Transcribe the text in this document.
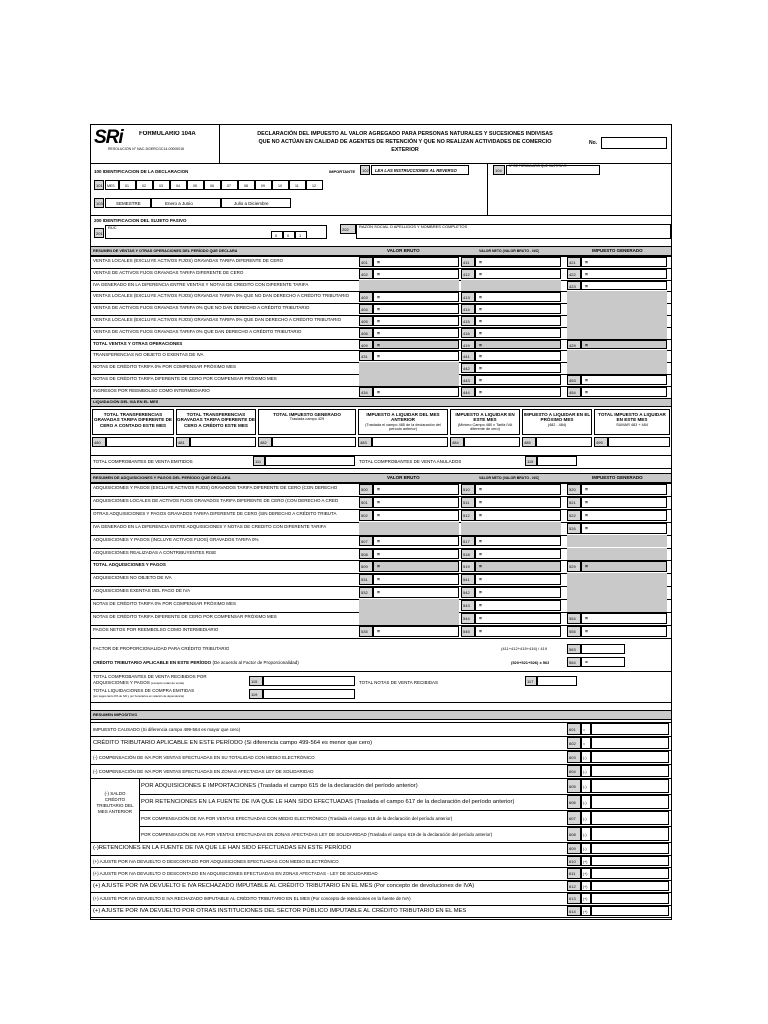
SRi	FORMULARIO 104A
RESOLUCIÓN N° NAC-DGERCGC14-00000016
DECLARACIÓN DEL IMPUESTO AL VALOR AGREGADO PARA PERSONAS NATURALES Y SUCESIONES INDIVISAS
QUE NO ACTÚAN EN CALIDAD DE AGENTES DE RETENCIÓN Y QUE NO REALIZAN ACTIVIDADES DE COMERCIO
EXTERIOR
No.
100 IDENTIFICACION DE LA DECLARACION	IMPORTANTE	102	LEA LAS INSTRUCCIONES AL REVERSO	104
N° DE FORMULARIO QUE SUSTITUYE
101	MES	01	02	03	04	05	06	07	08	09	10	11	12
103	SEMESTRE	Enero a Junio	Julio a Diciembre
200 IDENTIFICACION DEL SUJETO PASIVO
201
RUC
0	0	1
202
RAZÓN SOCIAL O APELLIDOS Y NOMBRES COMPLETOS
RESUMEN DE VENTAS Y OTRAS OPERACIONES DEL PERÍODO QUE DECLARA	VALOR BRUTO	VALOR NETO (VALOR BRUTO - N/C)	IMPUESTO GENERADO
VENTAS LOCALES (EXCLUYE ACTIVOS FIJOS) GRAVADAS TARIFA DIFERENTE DE CERO	401	=	411	=	421	=
VENTAS DE ACTIVOS FIJOS GRAVADAS TARIFA DIFERENTE DE CERO	402	=	412	=	422	=
IVA GENERADO EN LA DIFERENCIA ENTRE VENTAS Y NOTAS DE CREDITO CON DIFERENTE TARIFA	423	=
VENTAS LOCALES (EXCLUYE ACTIVOS FIJOS) GRAVADAS TARIFA 0% QUE NO DAN DERECHO A CRÉDITO TRIBUTARIO	403	=	413	=
VENTAS DE ACTIVOS FIJOS GRAVADAS TARIFA 0% QUE NO DAN DERECHO A CRÉDITO TRIBUTARIO	404	=	414	=
VENTAS LOCALES (EXCLUYE ACTIVOS FIJOS) GRAVADAS TARIFA 0% QUE DAN DERECHO A CRÉDITO TRIBUTARIO	405	=	415	=
VENTAS DE ACTIVOS FIJOS GRAVADAS TARIFA 0% QUE DAN DERECHO A CRÉDITO TRIBUTARIO	406	=	416	=
TOTAL VENTAS Y OTRAS OPERACIONES	409	=	419	=	429	=
TRANSFERENCIAS NO OBJETO O EXENTAS DE IVA	431	=	441	=
NOTAS DE CRÉDITO TARIFA 0% POR COMPENSAR PRÓXIMO MES	442	=
NOTAS DE CRÉDITO TARIFA DIFERENTE DE CERO POR COMPENSAR PRÓXIMO MES	443	=	453	=
INGRESOS POR REEMBOLSO COMO INTERMEDIARIO	434	=	444	=	454	=
LIQUIDACIÓN DEL IVA EN EL MES
TOTAL TRANSFERENCIAS GRAVADAS TARIFA DIFERENTE DE CERO A CONTADO ESTE MES
480
TOTAL TRANSFERENCIAS GRAVADAS TARIFA DIFERENTE DE CERO A CRÉDITO ESTE MES
481
TOTAL IMPUESTO GENERADO
Traslada campo 429
482
IMPUESTO A LIQUIDAR DEL MES ANTERIOR
(Traslada el campo 485 de la declaración del período anterior)
483
IMPUESTO A LIQUIDAR EN ESTE MES
(Mínimo Campo 480 x Tarifa IVA diferente de cero)
484
IMPUESTO A LIQUIDAR EN EL PRÓXIMO MES
(482 - 484)
485
TOTAL IMPUESTO A LIQUIDAR EN ESTE MES
SUMAR 483 + 484
499
TOTAL COMPROBANTES DE VENTA EMITIDOS	111	TOTAL COMPROBANTES DE VENTA ANULADOS	115
RESUMEN DE ADQUISICIONES Y PAGOS DEL PERÍODO QUE DECLARA	VALOR BRUTO	VALOR NETO (VALOR BRUTO - N/C)	IMPUESTO GENERADO
ADQUISICIONES Y PAGOS (EXCLUYE ACTIVOS FIJOS) GRAVADOS TARIFA DIFERENTE DE CERO (CON DERECHO	500	=	510	=	520	=
ADQUISICIONES LOCALES DE ACTIVOS FIJOS GRAVADOS TARIFA DIFERENTE DE CERO (CON DERECHO A CRED	501	=	511	=	521	=
OTRAS ADQUISICIONES Y PAGOS GRAVADOS TARIFA DIFERENTE DE CERO (SIN DERECHO A CRÉDITO TRIBUTA	502	=	512	=	522	=
IVA GENERADO EN LA DIFERENCIA ENTRE ADQUISICIONES Y NOTAS DE CREDITO CON DIFERENTE TARIFA	526	=
ADQUISICIONES Y PAGOS (INCLUYE ACTIVOS FIJOS) GRAVADOS TARIFA 0%	507	=	517	=
ADQUISICIONES REALIZADAS A CONTRIBUYENTES RISE	508	=	518	=
TOTAL ADQUISICIONES Y PAGOS	509	=	519	=	529	=
ADQUISICIONES NO OBJETO DE IVA	531	=	541	=
ADQUISICIONES EXENTAS DEL PAGO DE IVA	532	=	542	=
NOTAS DE CRÉDITO TARIFA 0% POR COMPENSAR PRÓXIMO MES	543	=
NOTAS DE CRÉDITO TARIFA DIFERENTE DE CERO POR COMPENSAR PRÓXIMO MES	544	=	554	=
PAGOS NETOS POR REEMBOLSO COMO INTERMEDIARIO	535	=	545	=	555	=
FACTOR DE PROPORCIONALIDAD PARA CRÉDITO TRIBUTARIO	(411+412+415+416) / 419	563
CRÉDITO TRIBUTARIO APLICABLE EN ESTE PERÍODO (De acuerdo al Factor de Proporcionalidad)	(520+521+526) x 563	564	=
TOTAL COMPROBANTES DE VENTA RECIBIDOS POR
ADQUISICIONES Y PAGOS (excepto notas de venta)	115	TOTAL NOTAS DE VENTA RECIBIDAS	117
TOTAL LIQUIDACIONES DE COMPRA EMITIDAS
(por pagos tanto 0% de IVA y por honorarios en relación de dependencia)	119
RESUMEN IMPOSITIVO
IMPUESTO CAUSADO (Si diferencia campo 499-564 es mayor que cero)	601	=
CRÉDITO TRIBUTARIO APLICABLE EN ESTE PERÍODO (Si diferencia campo 499-564 es menor que cero)	602	=
(-) COMPENSACIÓN DE IVA POR VENTAS EFECTUADAS EN SU TOTALIDAD CON MEDIO ELECTRÓNICO	603	(-)
(-) COMPENSACIÓN DE IVA POR VENTAS EFECTUADAS EN ZONAS AFECTADAS LEY DE SOLIDARIDAD	604	(-)
POR ADQUISICIONES E IMPORTACIONES (Traslada el campo 615 de la declaración del período anterior)	605	(-)
POR RETENCIONES EN LA FUENTE DE IVA QUE LE HAN SIDO EFECTUADAS (Traslada el campo 617 de la declaración del período anterior)	606	(-)
POR COMPENSACIÓN DE IVA POR VENTAS EFECTUADAS CON MEDIO ELECTRÓNICO (Traslada el campo 618 de la declaración del período anterior)	607	(-)
POR COMPENSACIÓN DE IVA POR VENTAS EFECTUADAS EN ZONAS AFECTADAS LEY DE SOLIDARIDAD (Traslada el campo 619 de la declaración del período anterior)	608	(-)
(-)RETENCIONES EN LA FUENTE DE IVA QUE LE HAN SIDO EFECTUADAS EN ESTE PERÍODO	609	(-)
(+) AJUSTE POR IVA DEVUELTO O DESCONTADO POR ADQUISICIONES EFECTUADAS CON MEDIO ELECTRÓNICO	610	(+)
(+) AJUSTE POR IVA DEVUELTO O DESCONTADO EN ADQUISICIONES EFECTUADAS EN ZONAS AFECTADAS - LEY DE SOLIDARIDAD	611	(+)
(+) AJUSTE POR IVA DEVUELTO E IVA RECHAZADO IMPUTABLE AL CRÉDITO TRIBUTARIO EN EL MES (Por concepto de devoluciones de IVA)	612	(+)
(+) AJUSTE POR IVA DEVUELTO E IVA RECHAZADO IMPUTABLE AL CRÉDITO TRIBUTARIO EN EL MES (Por concepto de retenciones en la fuente de IVA)	613	(+)
(+) AJUSTE POR IVA DEVUELTO POR OTRAS INSTITUCIONES DEL SECTOR PÚBLICO IMPUTABLE AL CRÉDITO TRIBUTARIO EN EL MES	614	(+)
(-) SALDO
CRÉDITO
TRIBUTARIO DEL
MES ANTERIOR
